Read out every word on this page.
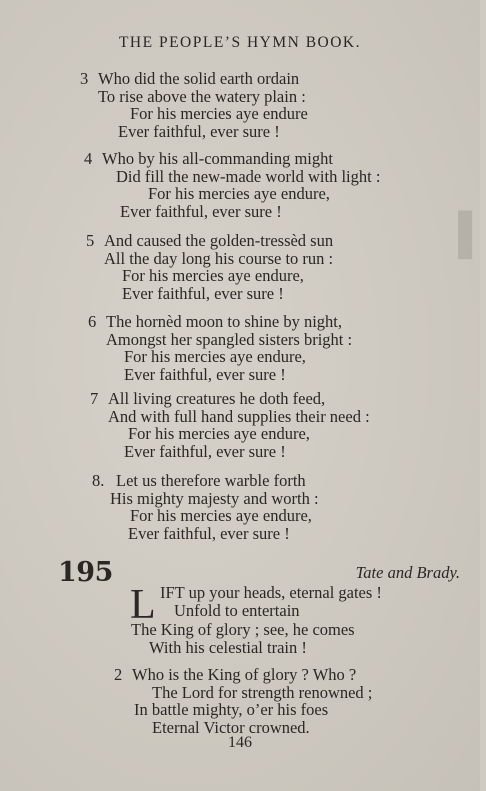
THE PEOPLE’S HYMN BOOK.
3 Who did the solid earth ordain
To rise above the watery plain :
For his mercies aye endure
Ever faithful, ever sure !
4 Who by his all-commanding might
Did fill the new-made world with light :
For his mercies aye endure,
Ever faithful, ever sure !
5 And caused the golden-tressèd sun
All the day long his course to run :
For his mercies aye endure,
Ever faithful, ever sure !
6 The hornèd moon to shine by night,
Amongst her spangled sisters bright :
For his mercies aye endure,
Ever faithful, ever sure !
7 All living creatures he doth feed,
And with full hand supplies their need :
For his mercies aye endure,
Ever faithful, ever sure !
8. Let us therefore warble forth
His mighty majesty and worth :
For his mercies aye endure,
Ever faithful, ever sure !
195	Tate and Brady.
L IFT up your heads, eternal gates !
Unfold to entertain
The King of glory ; see, he comes
With his celestial train !
2 Who is the King of glory ? Who ?
The Lord for strength renowned ;
In battle mighty, o’er his foes
Eternal Victor crowned.
146
▌
